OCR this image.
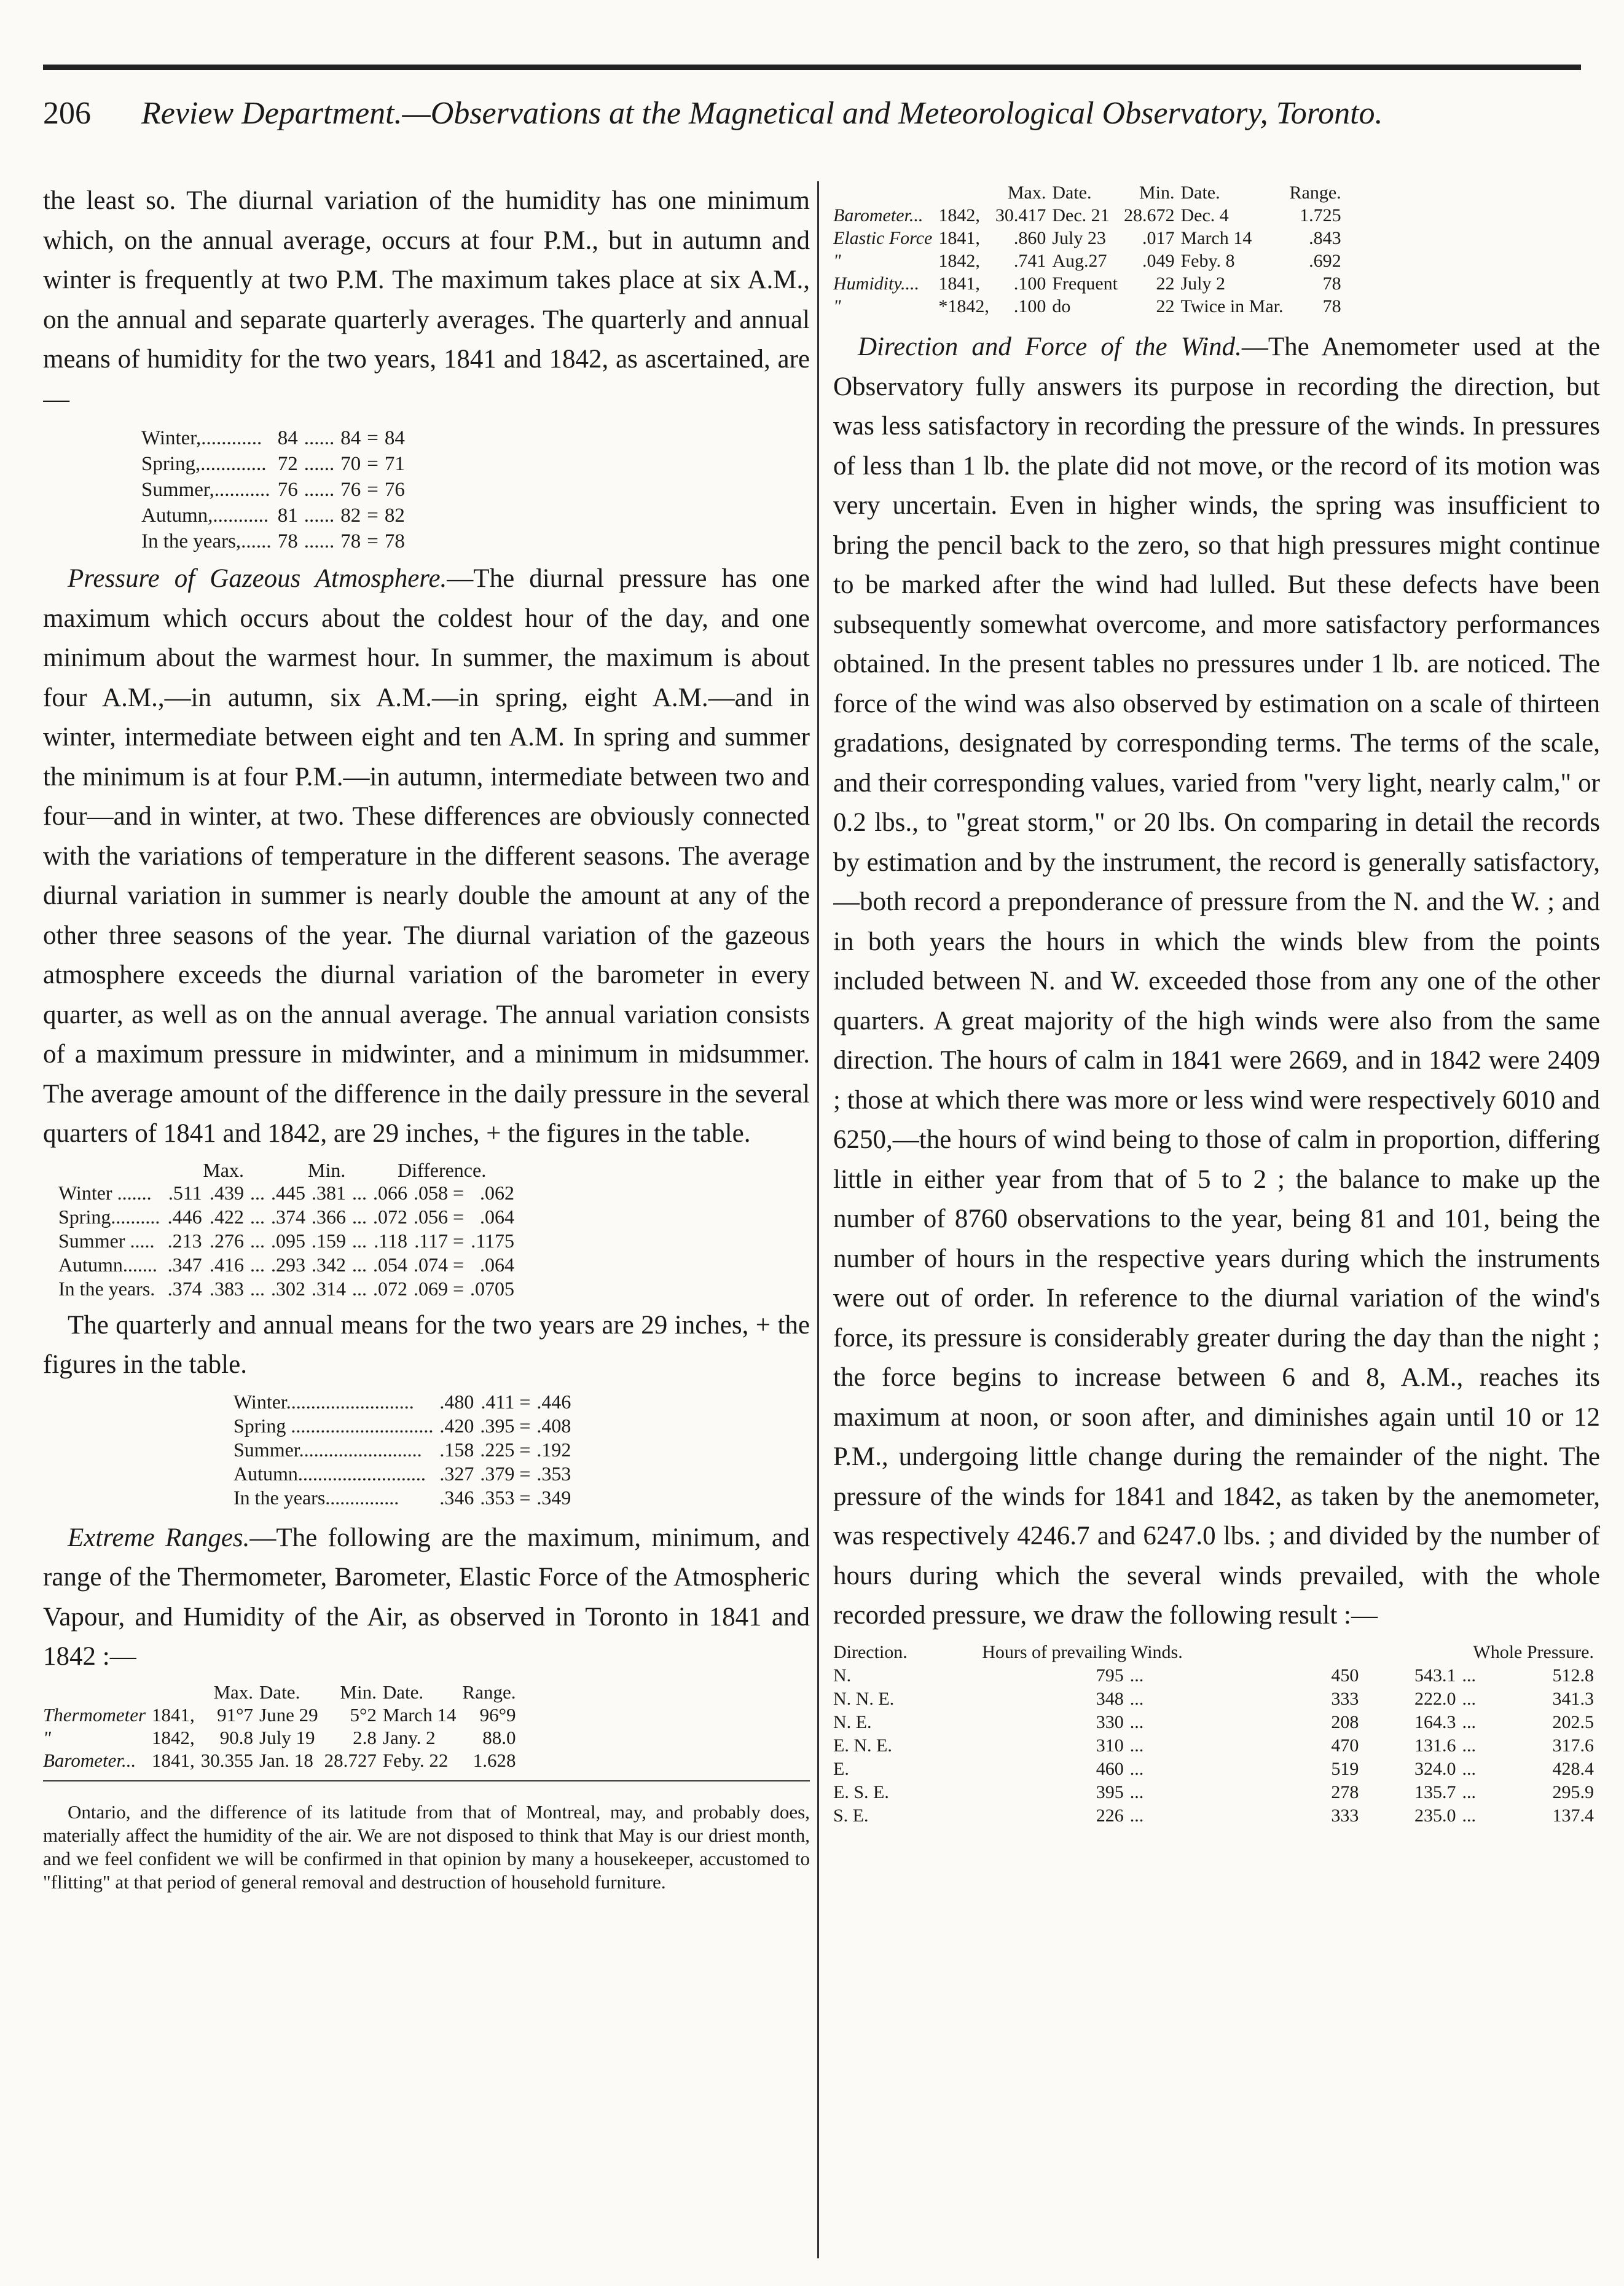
206 Review Department.—Observations at the Magnetical and Meteorological Observatory, Toronto.

the least so. The diurnal variation of the humidity has one minimum which, on the annual average, occurs at four P.M., but in autumn and winter is frequently at two P.M. The maximum takes place at six A.M., on the annual and separate quarterly averages. The quarterly and annual means of humidity for the two years, 1841 and 1842, as ascertained, are—

Winter,............	84	......	84	=	84
Spring,.............	72	......	70	=	71
Summer,...........	76	......	76	=	76
Autumn,...........	81	......	82	=	82
In the years,......	78	......	78	=	78

Pressure of Gazeous Atmosphere.—The diurnal pressure has one maximum which occurs about the coldest hour of the day, and one minimum about the warmest hour. In summer, the maximum is about four A.M.,—in autumn, six A.M.—in spring, eight A.M.—and in winter, intermediate between eight and ten A.M. In spring and summer the minimum is at four P.M.—in autumn, intermediate between two and four—and in winter, at two. These differences are obviously connected with the variations of temperature in the different seasons. The average diurnal variation in summer is nearly double the amount at any of the other three seasons of the year. The diurnal variation of the gazeous atmosphere exceeds the diurnal variation of the barometer in every quarter, as well as on the annual average. The annual variation consists of a maximum pressure in midwinter, and a minimum in midsummer. The average amount of the difference in the daily pressure in the several quarters of 1841 and 1842, are 29 inches, + the figures in the table.

	Max.			Min.			Difference.		
Winter .......	.511	.439	...	.445	.381	...	.066	.058 =	.062
Spring..........	.446	.422	...	.374	.366	...	.072	.056 =	.064
Summer .....	.213	.276	...	.095	.159	...	.118	.117 =	.1175
Autumn.......	.347	.416	...	.293	.342	...	.054	.074 =	.064
In the years.	.374	.383	...	.302	.314	...	.072	.069 =	.0705

The quarterly and annual means for the two years are 29 inches, + the figures in the table.

Winter..........................	.480	.411 =	.446
Spring .............................	.420	.395 =	.408
Summer.........................	.158	.225 =	.192
Autumn..........................	.327	.379 =	.353
In the years...............	.346	.353 =	.349

Extreme Ranges.—The following are the maximum, minimum, and range of the Thermometer, Barometer, Elastic Force of the Atmospheric Vapour, and Humidity of the Air, as observed in Toronto in 1841 and 1842 :—

		Max.	Date.	Min.	Date.	Range.
Thermometer	1841,	91°7	June 29	5°2	March 14	96°9
"	1842,	90.8	July 19	2.8	Jany. 2	88.0
Barometer...	1841,	30.355	Jan. 18	28.727	Feby. 22	1.628

Ontario, and the difference of its latitude from that of Montreal, may, and probably does, materially affect the humidity of the air. We are not disposed to think that May is our driest month, and we feel confident we will be confirmed in that opinion by many a housekeeper, accustomed to "flitting" at that period of general removal and destruction of household furniture.

		Max.	Date.	Min.	Date.	Range.
Barometer...	1842,	30.417	Dec. 21	28.672	Dec. 4	1.725
Elastic Force	1841,	.860	July 23	.017	March 14	.843
"	1842,	.741	Aug.27	.049	Feby. 8	.692
Humidity....	1841,	.100	Frequent	22	July 2	78
"	*1842,	.100	do	22	Twice in Mar.	78

Direction and Force of the Wind.—The Anemometer used at the Observatory fully answers its purpose in recording the direction, but was less satisfactory in recording the pressure of the winds. In pressures of less than 1 lb. the plate did not move, or the record of its motion was very uncertain. Even in higher winds, the spring was insufficient to bring the pencil back to the zero, so that high pressures might continue to be marked after the wind had lulled. But these defects have been subsequently somewhat overcome, and more satisfactory performances obtained. In the present tables no pressures under 1 lb. are noticed. The force of the wind was also observed by estimation on a scale of thirteen gradations, designated by corresponding terms. The terms of the scale, and their corresponding values, varied from "very light, nearly calm," or 0.2 lbs., to "great storm," or 20 lbs. On comparing in detail the records by estimation and by the instrument, the record is generally satisfactory,—both record a preponderance of pressure from the N. and the W. ; and in both years the hours in which the winds blew from the points included between N. and W. exceeded those from any one of the other quarters. A great majority of the high winds were also from the same direction. The hours of calm in 1841 were 2669, and in 1842 were 2409 ; those at which there was more or less wind were respectively 6010 and 6250,—the hours of wind being to those of calm in proportion, differing little in either year from that of 5 to 2 ; the balance to make up the number of 8760 observations to the year, being 81 and 101, being the number of hours in the respective years during which the instruments were out of order. In reference to the diurnal variation of the wind's force, its pressure is considerably greater during the day than the night ; the force begins to increase between 6 and 8, A.M., reaches its maximum at noon, or soon after, and diminishes again until 10 or 12 P.M., undergoing little change during the remainder of the night. The pressure of the winds for 1841 and 1842, as taken by the anemometer, was respectively 4246.7 and 6247.0 lbs. ; and divided by the number of hours during which the several winds prevailed, with the whole recorded pressure, we draw the following result :—

Direction.	Hours of prevailing Winds.			Whole Pressure.		
N.	795	...	450	543.1	...	512.8
N. N. E.	348	...	333	222.0	...	341.3
N. E.	330	...	208	164.3	...	202.5
E. N. E.	310	...	470	131.6	...	317.6
E.	460	...	519	324.0	...	428.4
E. S. E.	395	...	278	135.7	...	295.9
S. E.	226	...	333	235.0	...	137.4
